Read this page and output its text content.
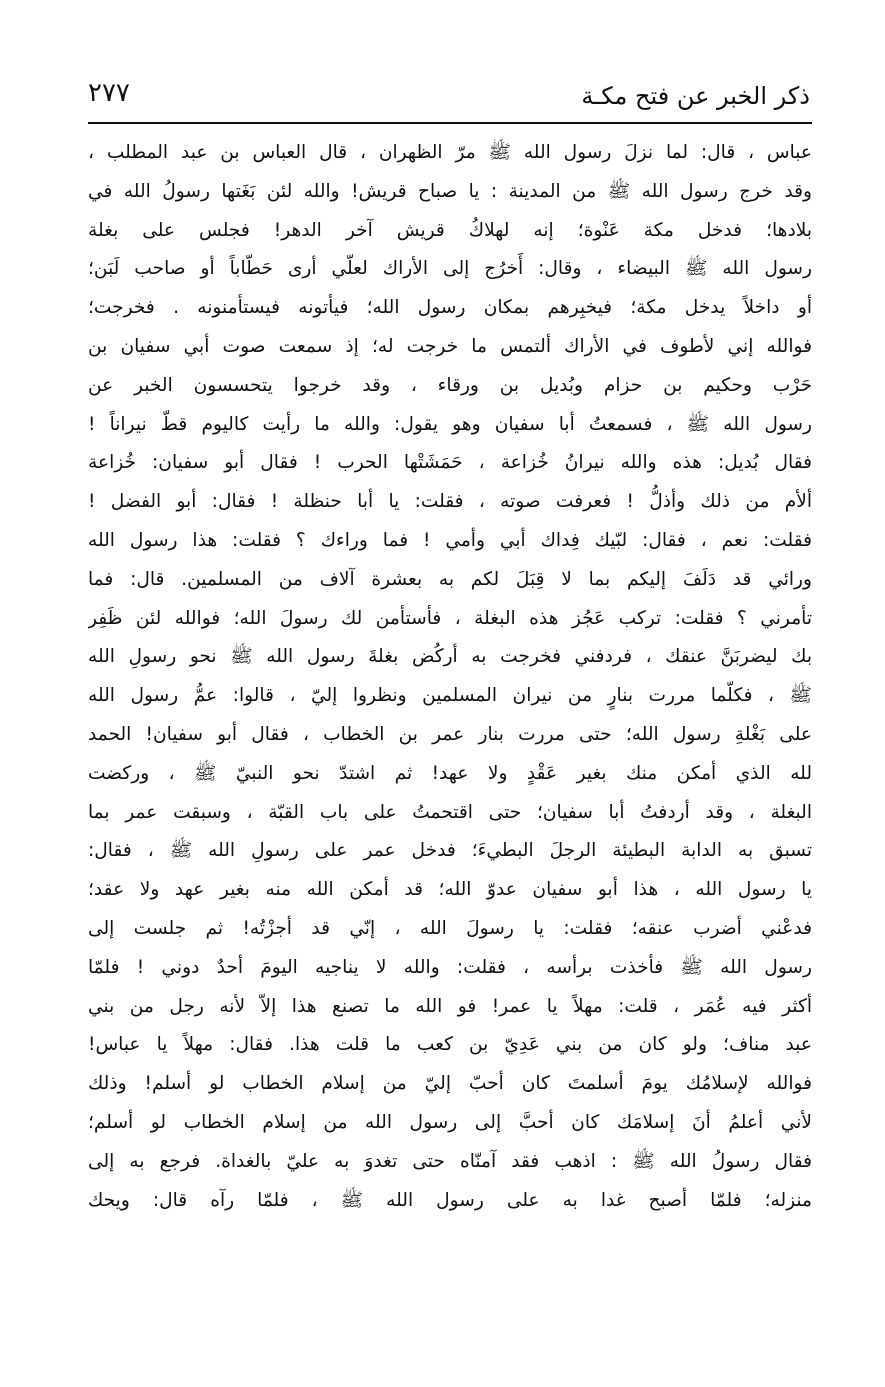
ذكر الخبر عن فتح مكـة
٢٧٧
عباس ، قال: لما نزلَ رسول الله ﷺ مرّ الظهران ، قال العباس بن عبد المطلب ،
وقد خرج رسول الله ﷺ من المدينة : يا صباح قريش! والله لئن بَغَتها رسولُ الله في
بلادها؛ فدخل مكة عَنْوة؛ إنه لهلاكُ قريش آخر الدهر! فجلس على بغلة
رسول الله ﷺ البيضاء ، وقال: أَخرُج إلى الأراك لعلّي أرى حَطّاباً أو صاحب لَبَن؛
أو داخلاً يدخل مكة؛ فيخبِرهم بمكان رسول الله؛ فيأتونه فيستأمنونه . فخرجت؛
فوالله إني لأطوف في الأراك ألتمس ما خرجت له؛ إذ سمعت صوت أبي سفيان بن
حَرْب وحكيم بن حزام وبُديل بن ورقاء ، وقد خرجوا يتحسسون الخبر عن
رسول الله ﷺ ، فسمعتُ أبا سفيان وهو يقول: والله ما رأيت كاليوم قطّ نيراناً !
فقال بُديل: هذه والله نيرانُ خُزاعة ، حَمَشَتْها الحرب ! فقال أبو سفيان: خُزاعة
ألأم من ذلك وأذلُّ ! فعرفت صوته ، فقلت: يا أبا حنظلة ! فقال: أبو الفضل !
فقلت: نعم ، فقال: لبّيك فِداك أبي وأمي ! فما وراءك ؟ فقلت: هذا رسول الله
ورائي قد دَلَفَ إليكم بما لا قِبَلَ لكم به بعشرة آلاف من المسلمين. قال: فما
تأمرني ؟ فقلت: تركب عَجُز هذه البغلة ، فأستأمن لك رسولَ الله؛ فوالله لئن ظَفِر
بك ليضربَنَّ عنقك ، فردفني فخرجت به أركُض بغلةَ رسول الله ﷺ نحو رسولِ الله
ﷺ ، فكلّما مررت بنارٍ من نيران المسلمين ونظروا إليّ ، قالوا: عمُّ رسول الله
على بَغْلةِ رسول الله؛ حتى مررت بنار عمر بن الخطاب ، فقال أبو سفيان! الحمد
لله الذي أمكن منك بغير عَقْدٍ ولا عهد! ثم اشتدّ نحو النبيّ ﷺ ، وركضت
البغلة ، وقد أردفتُ أبا سفيان؛ حتى اقتحمتُ على باب القبّة ، وسبقت عمر بما
تسبق به الدابة البطيئة الرجلَ البطيءَ؛ فدخل عمر على رسولِ الله ﷺ ، فقال:
يا رسول الله ، هذا أبو سفيان عدوّ الله؛ قد أمكن الله منه بغير عهد ولا عقد؛
فدعْني أضرب عنقه؛ فقلت: يا رسولَ الله ، إنّي قد أجزْتُه! ثم جلست إلى
رسول الله ﷺ فأخذت برأسه ، فقلت: والله لا يناجيه اليومَ أحدٌ دوني ! فلمّا
أكثر فيه عُمَر ، قلت: مهلاً يا عمر! فو الله ما تصنع هذا إلاّ لأنه رجل من بني
عبد مناف؛ ولو كان من بني عَدِيّ بن كعب ما قلت هذا. فقال: مهلاً يا عباس!
فوالله لإسلامُك يومَ أسلمتَ كان أحبّ إليّ من إسلام الخطاب لو أسلم! وذلك
لأني أعلمُ أنَ إسلامَك كان أحبَّ إلى رسول الله من إسلام الخطاب لو أسلم؛
فقال رسولُ الله ﷺ : اذهب فقد آمنّاه حتى تغدوَ به عليّ بالغداة. فرجع به إلى
منزله؛ فلمّا أصبح غدا به على رسول الله ﷺ ، فلمّا رآه قال: ويحك
